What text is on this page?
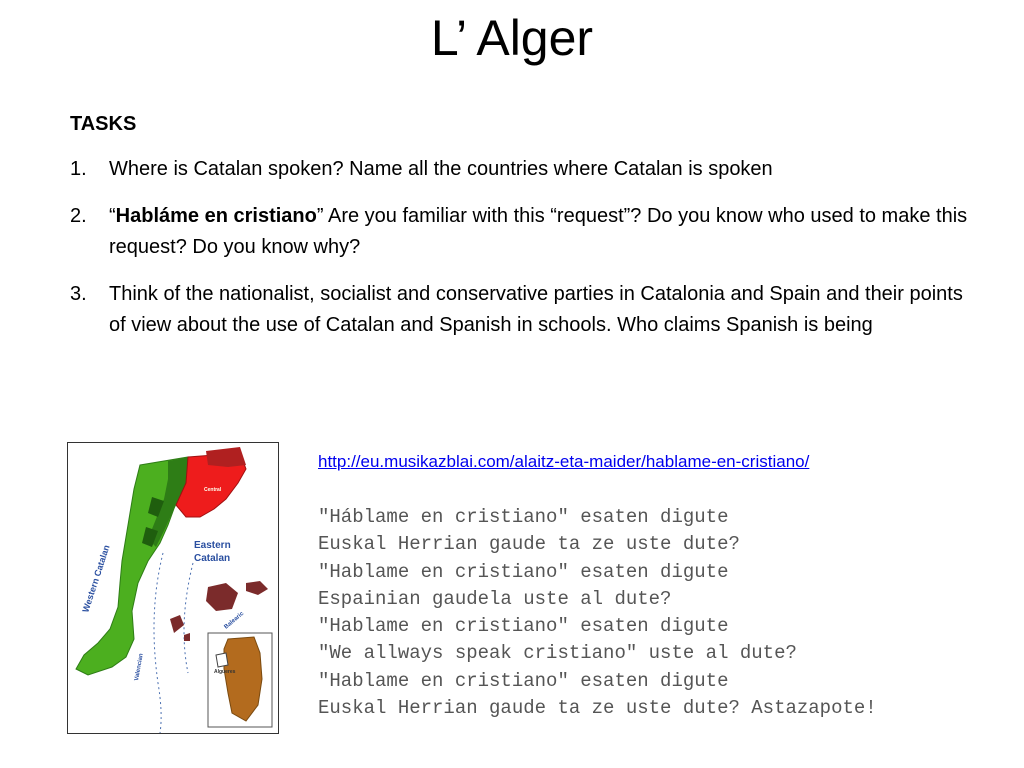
L’ Alger
TASKS
1. Where is Catalan spoken? Name all the countries where Catalan is spoken
2. “Habláme en cristiano” Are you familiar with this “request”? Do you know who used to make this request? Do you know why?
3. Think of the nationalist, socialist and conservative parties in Catalonia and Spain and their points of view about the use of Catalan and Spanish in schools. Who claims Spanish is being
Western Catalan	Eastern
Catalan
Valencian
Balearic
Central
Algueres
http://eu.musikazblai.com/alaitz-eta-maider/hablame-en-cristiano/
"Háblame en cristiano" esaten digute
Euskal Herrian gaude ta ze uste dute?
"Hablame en cristiano" esaten digute
Espainian gaudela uste al dute?
"Hablame en cristiano" esaten digute
"We allways speak cristiano" uste al dute?
"Hablame en cristiano" esaten digute
Euskal Herrian gaude ta ze uste dute? Astazapote!
